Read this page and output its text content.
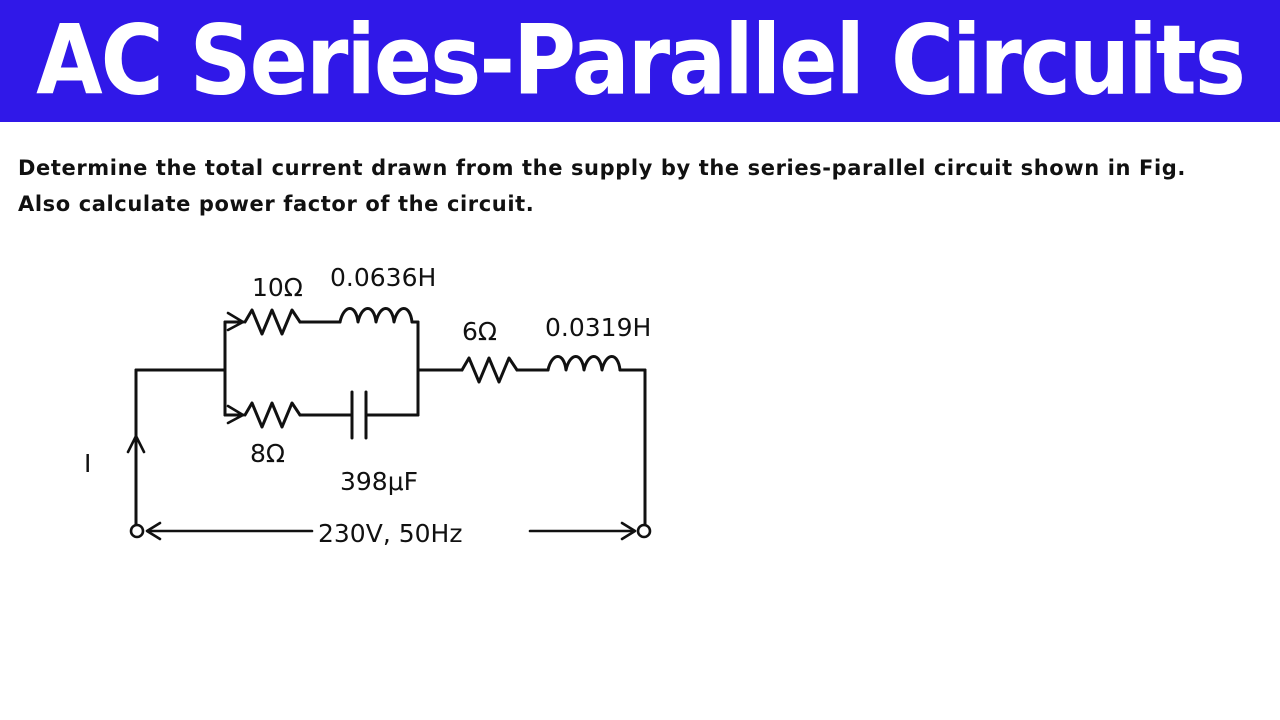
AC Series-Parallel Circuits
Determine the total current drawn from the supply by the series-parallel circuit shown in Fig.
Also calculate power factor of the circuit.
10Ω 0.0636H
8Ω
398μF
6Ω 0.0319H
I
230V, 50Hz
